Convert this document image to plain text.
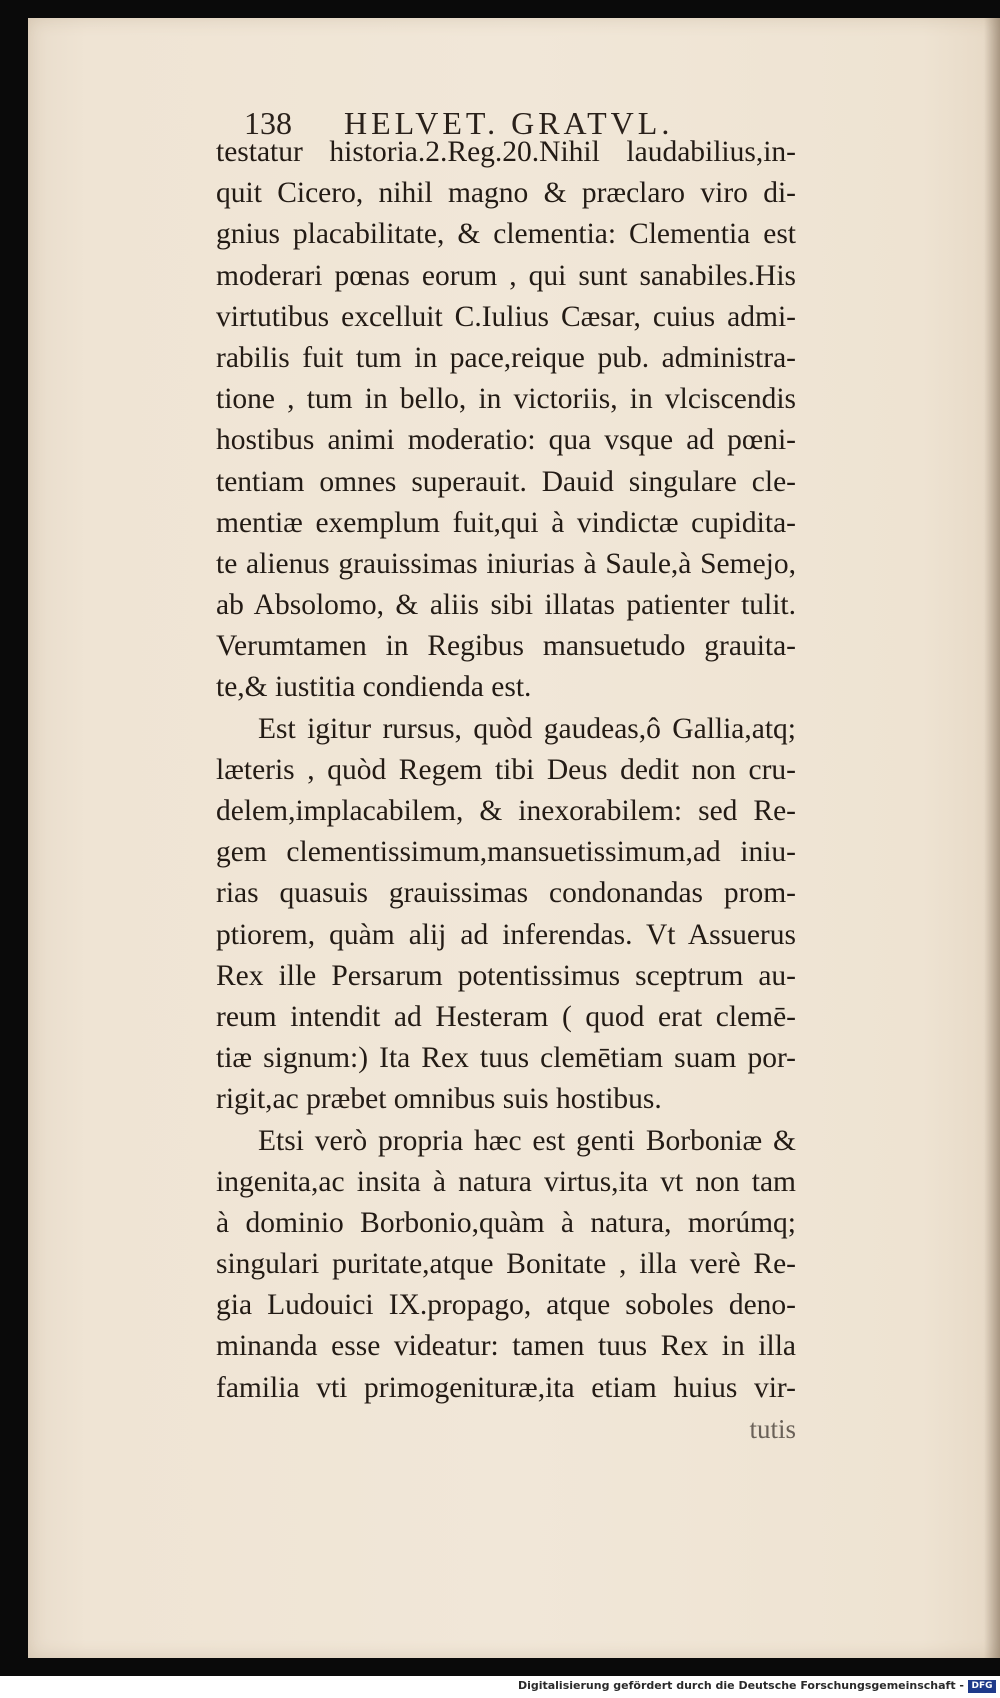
138 HELVET. GRATVL.
testatur historia.2.Reg.20.Nihil laudabilius,in-
quit Cicero, nihil magno & præclaro viro di-
gnius placabilitate, & clementia: Clementia est
moderari pœnas eorum , qui sunt sanabiles.His
virtutibus excelluit C.Iulius Cæsar, cuius admi-
rabilis fuit tum in pace,reique pub. administra-
tione , tum in bello, in victoriis, in vlciscendis
hostibus animi moderatio: qua vsque ad pœni-
tentiam omnes superauit. Dauid singulare cle-
mentiæ exemplum fuit,qui à vindictæ cupidita-
te alienus grauissimas iniurias à Saule,à Semejo,
ab Absolomo, & aliis sibi illatas patienter tulit.
Verumtamen in Regibus mansuetudo grauita-
te,& iustitia condienda est.
Est igitur rursus, quòd gaudeas,ô Gallia,atq;
læteris , quòd Regem tibi Deus dedit non cru-
delem,implacabilem, & inexorabilem: sed Re-
gem clementissimum,mansuetissimum,ad iniu-
rias quasuis grauissimas condonandas prom-
ptiorem, quàm alij ad inferendas. Vt Assuerus
Rex ille Persarum potentissimus sceptrum au-
reum intendit ad Hesteram ( quod erat clemē-
tiæ signum:) Ita Rex tuus clemētiam suam por-
rigit,ac præbet omnibus suis hostibus.
Etsi verò propria hæc est genti Borboniæ &
ingenita,ac insita à natura virtus,ita vt non tam
à dominio Borbonio,quàm à natura, morúmq;
singulari puritate,atque Bonitate , illa verè Re-
gia Ludouici IX.propago, atque soboles deno-
minanda esse videatur: tamen tuus Rex in illa
familia vti primogenituræ,ita etiam huius vir-
tutis
Digitalisierung gefördert durch die Deutsche Forschungsgemeinschaft - DFG
